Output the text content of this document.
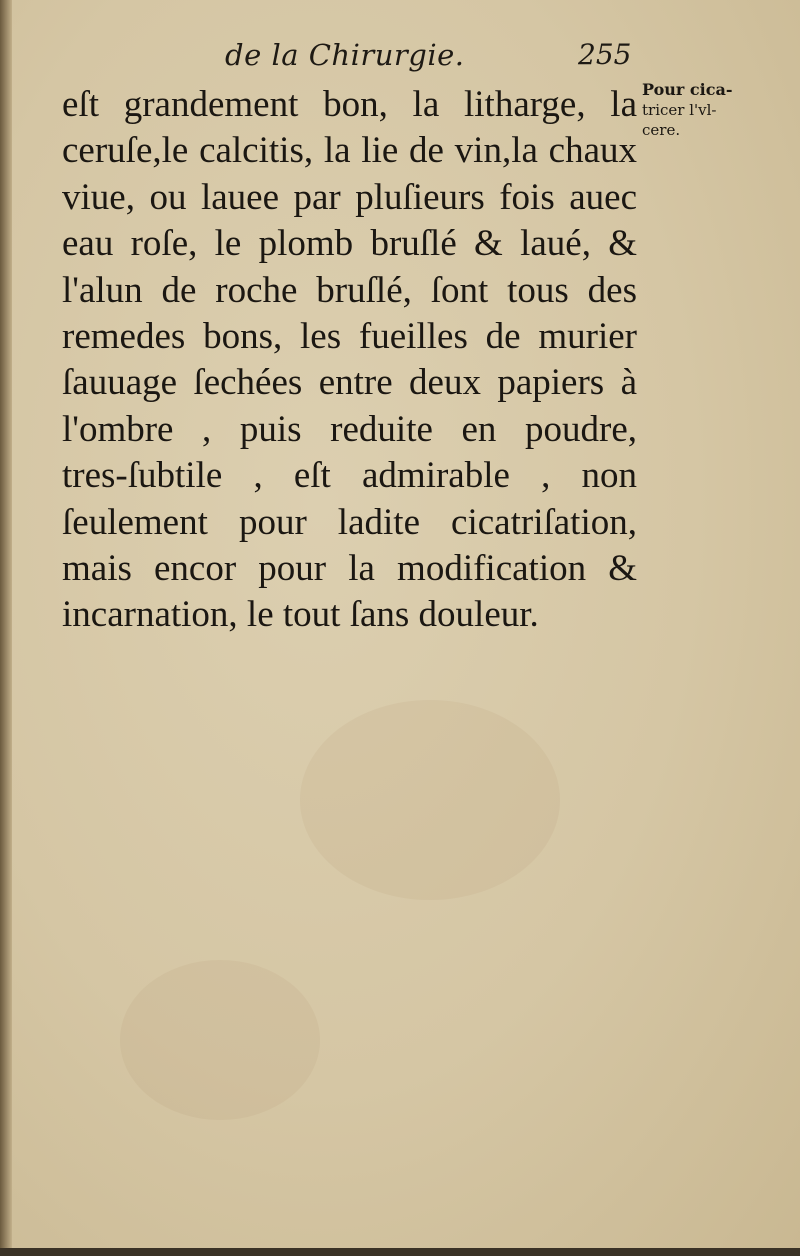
de la Chirurgie.	255
eſt grandement bon, la litharge, la
ceruſe,le calcitis, la lie de vin,la chaux
viue, ou lauee par pluſieurs fois auec
eau roſe, le plomb bruſlé & laué, &
l'alun de roche bruſlé, ſont tous des
remedes bons, les fueilles de murier
ſauuage ſechées entre deux papiers à
l'ombre , puis reduite en poudre,
tres-ſubtile , eſt admirable , non
ſeulement pour ladite cicatriſation,
mais encor pour la modification &
incarnation, le tout ſans douleur.
Pour cica-
tricer l'vl-
cere.
